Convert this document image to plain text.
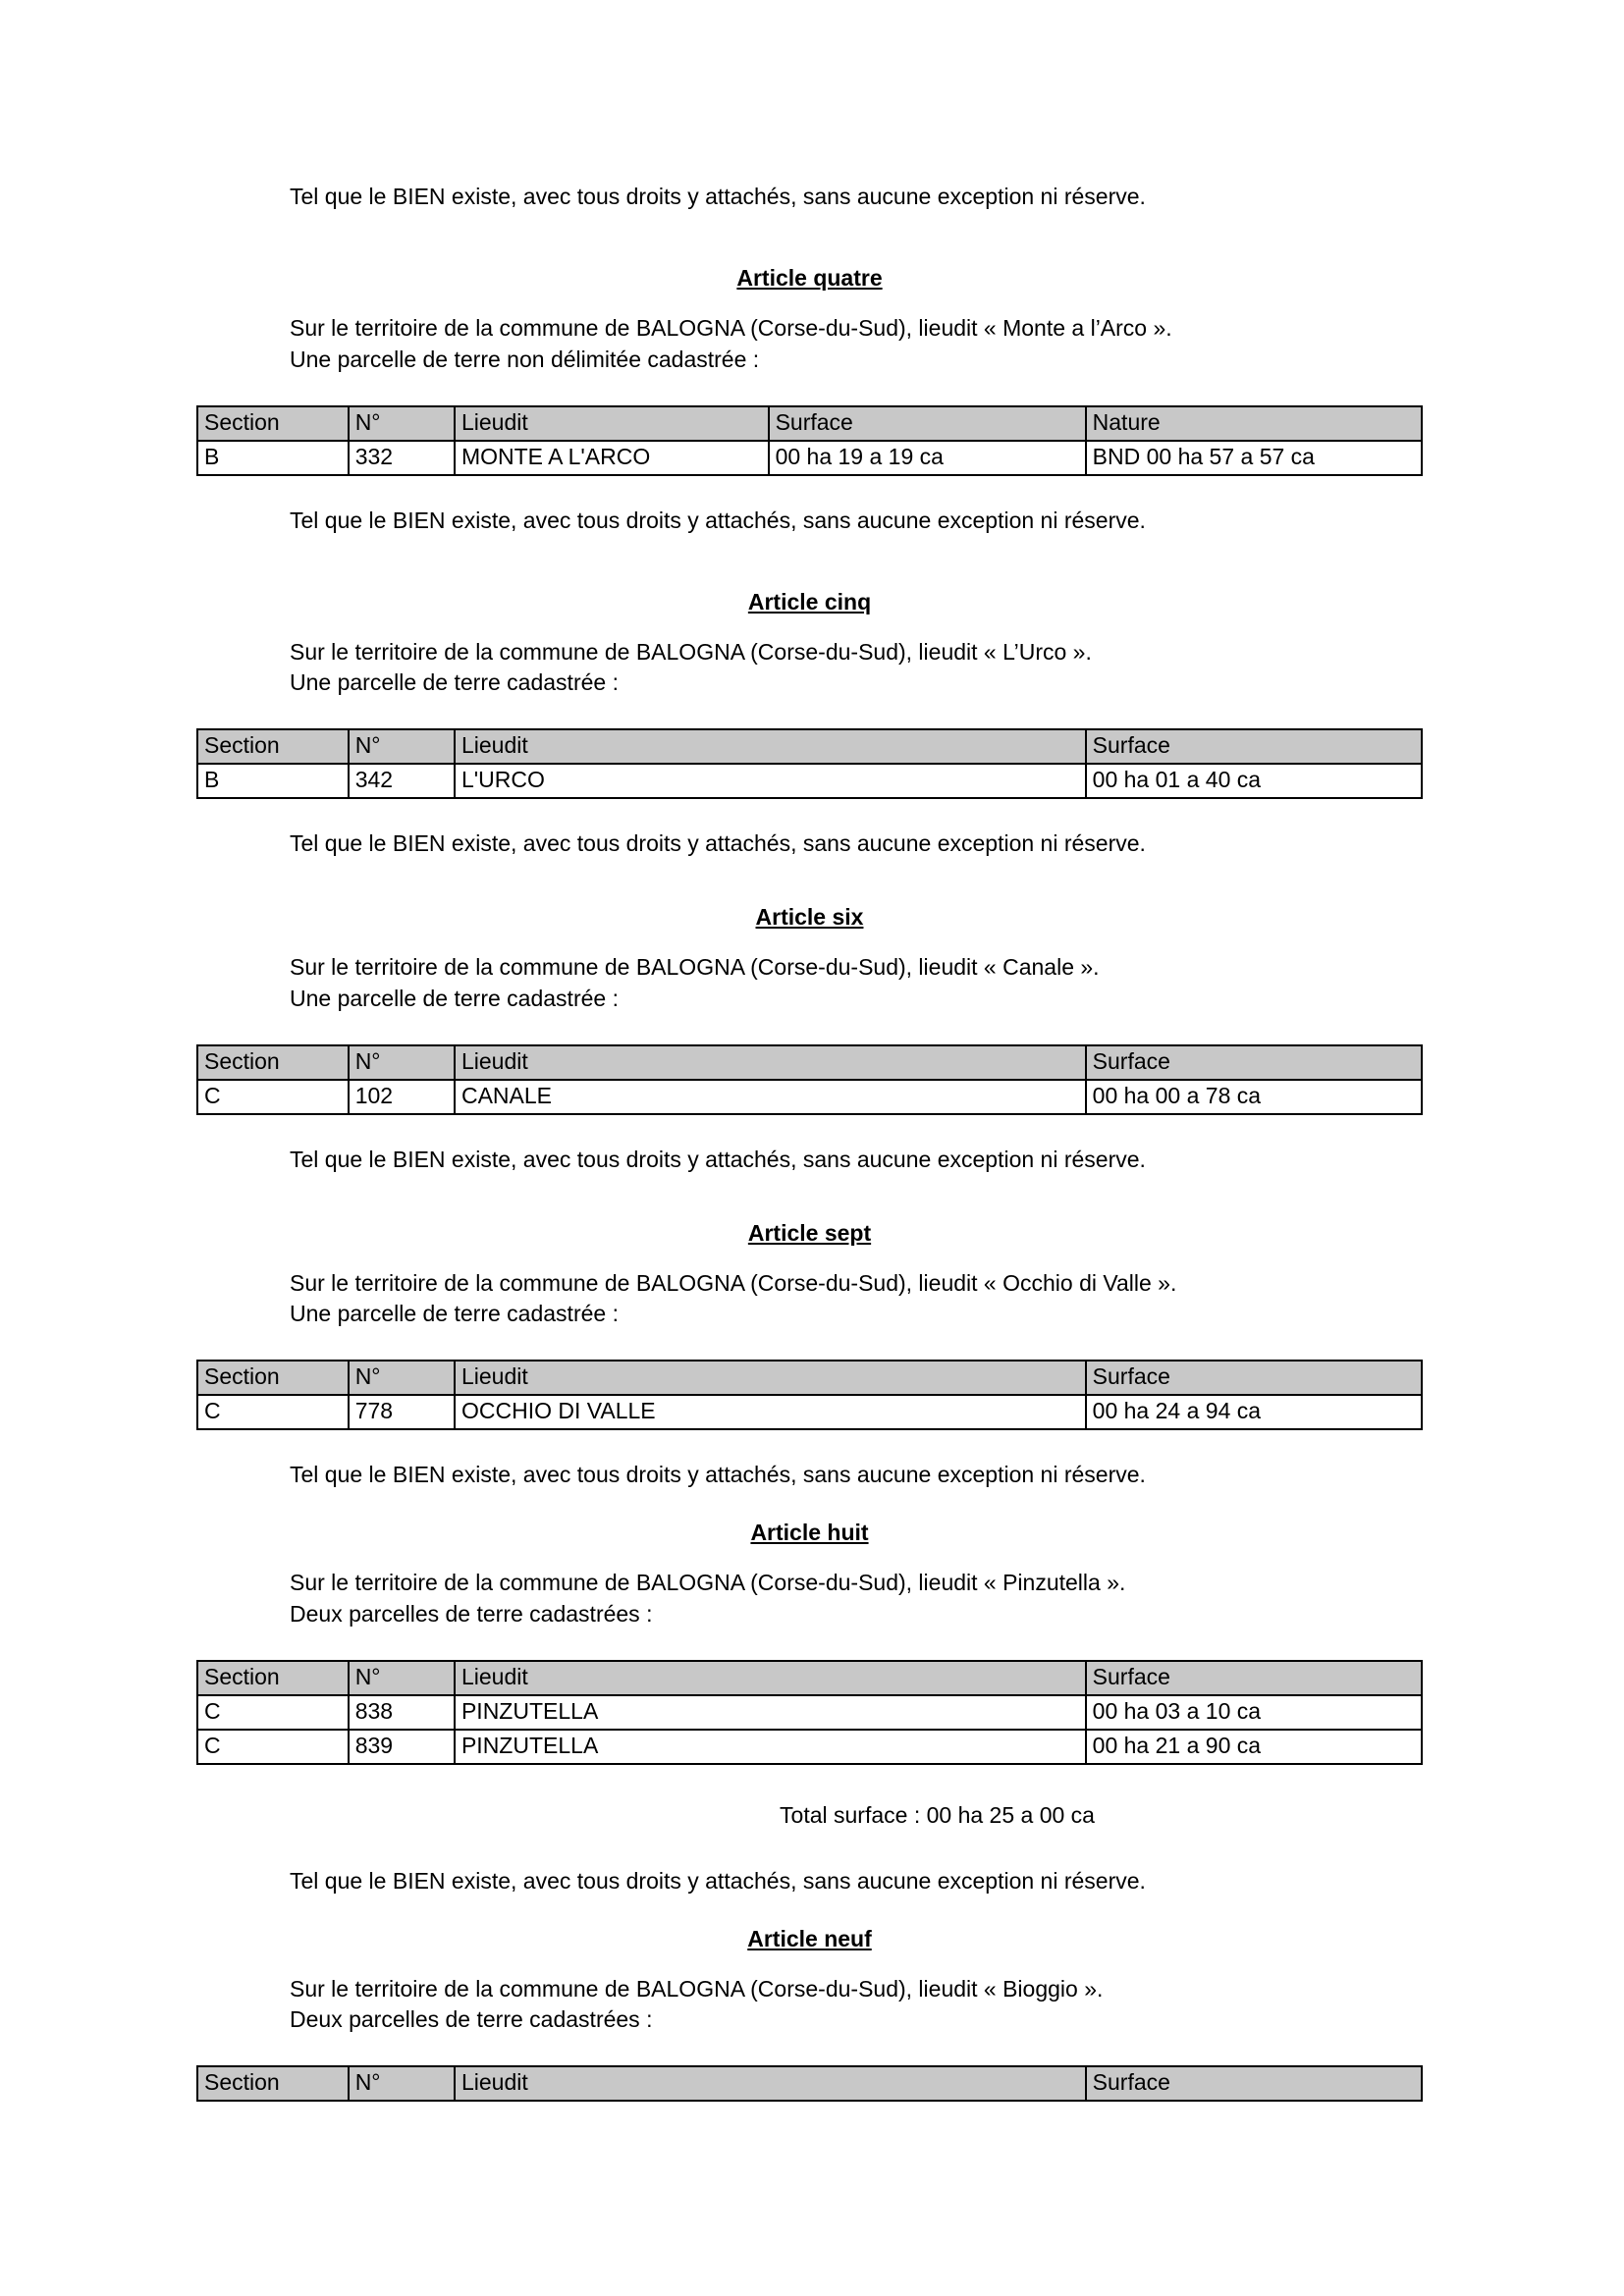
Tel que le BIEN existe, avec tous droits y attachés, sans aucune exception ni réserve.

Article quatre

Sur le territoire de la commune de BALOGNA (Corse-du-Sud), lieudit « Monte a l’Arco ».
Une parcelle de terre non délimitée cadastrée :

Section	N°	Lieudit	Surface	Nature
B	332	MONTE A L'ARCO	00 ha 19 a 19 ca	BND 00 ha 57 a 57 ca

Tel que le BIEN existe, avec tous droits y attachés, sans aucune exception ni réserve.

Article cinq

Sur le territoire de la commune de BALOGNA (Corse-du-Sud), lieudit « L’Urco ».
Une parcelle de terre cadastrée :

Section	N°	Lieudit	Surface
B	342	L'URCO	00 ha 01 a 40 ca

Tel que le BIEN existe, avec tous droits y attachés, sans aucune exception ni réserve.

Article six

Sur le territoire de la commune de BALOGNA (Corse-du-Sud), lieudit « Canale ».
Une parcelle de terre cadastrée :

Section	N°	Lieudit	Surface
C	102	CANALE	00 ha 00 a 78 ca

Tel que le BIEN existe, avec tous droits y attachés, sans aucune exception ni réserve.

Article sept

Sur le territoire de la commune de BALOGNA (Corse-du-Sud), lieudit « Occhio di Valle ».
Une parcelle de terre cadastrée :

Section	N°	Lieudit	Surface
C	778	OCCHIO DI VALLE	00 ha 24 a 94 ca

Tel que le BIEN existe, avec tous droits y attachés, sans aucune exception ni réserve.

Article huit

Sur le territoire de la commune de BALOGNA (Corse-du-Sud), lieudit « Pinzutella ».
Deux parcelles de terre cadastrées :

Section	N°	Lieudit	Surface
C	838	PINZUTELLA	00 ha 03 a 10 ca
C	839	PINZUTELLA	00 ha 21 a 90 ca

Total surface : 00 ha 25 a 00 ca

Tel que le BIEN existe, avec tous droits y attachés, sans aucune exception ni réserve.

Article neuf

Sur le territoire de la commune de BALOGNA (Corse-du-Sud), lieudit « Bioggio ».
Deux parcelles de terre cadastrées :

Section	N°	Lieudit	Surface
